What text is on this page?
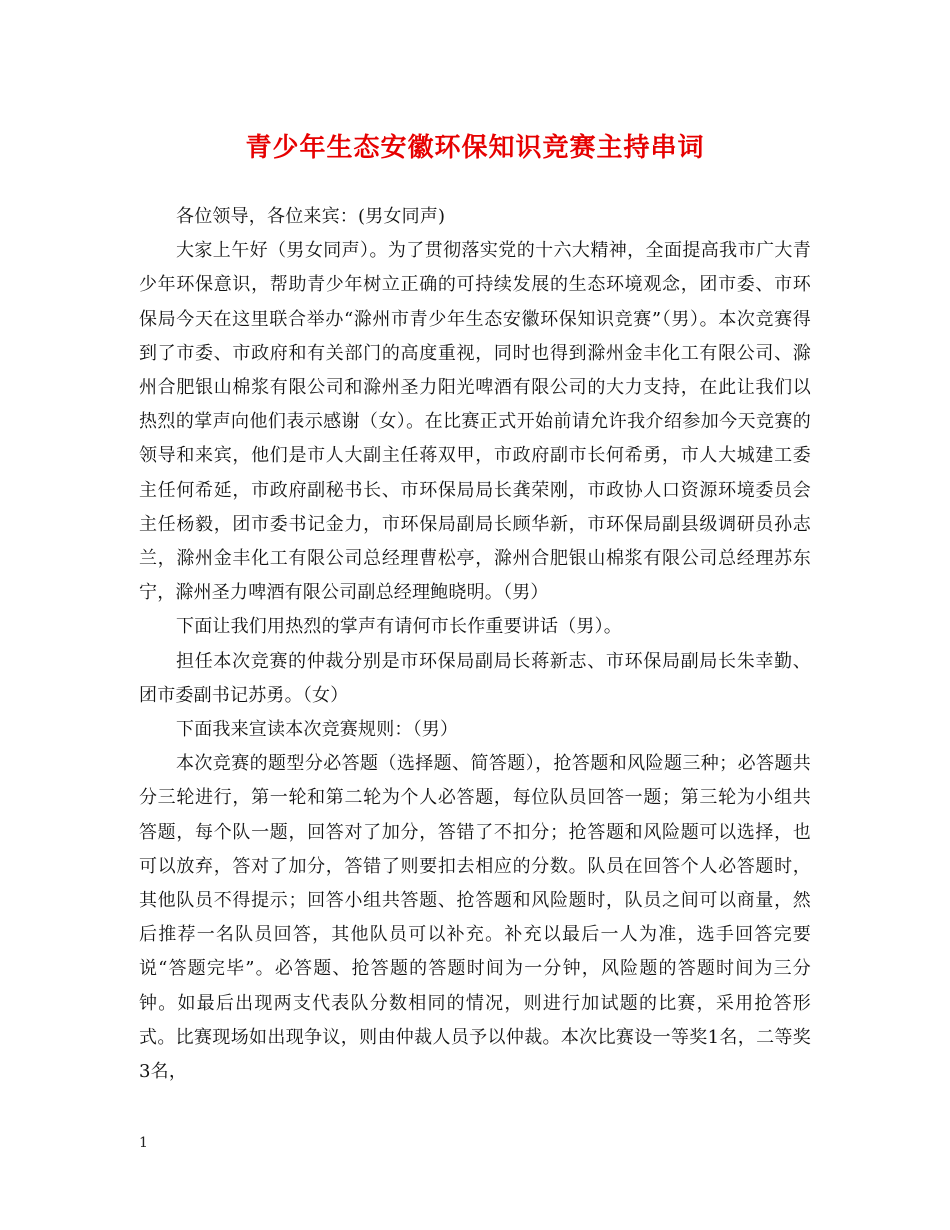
青少年生态安徽环保知识竞赛主持串词

各位领导，各位来宾：(男女同声)

大家上午好（男女同声）。为了贯彻落实党的十六大精神，全面提高我市广大青少年环保意识，帮助青少年树立正确的可持续发展的生态环境观念，团市委、市环保局今天在这里联合举办“滁州市青少年生态安徽环保知识竞赛”（男）。本次竞赛得到了市委、市政府和有关部门的高度重视，同时也得到滁州金丰化工有限公司、滁州合肥银山棉浆有限公司和滁州圣力阳光啤酒有限公司的大力支持，在此让我们以热烈的掌声向他们表示感谢（女）。在比赛正式开始前请允许我介绍参加今天竞赛的领导和来宾，他们是市人大副主任蒋双甲，市政府副市长何希勇，市人大城建工委主任何希延，市政府副秘书长、市环保局局长龚荣刚，市政协人口资源环境委员会主任杨毅，团市委书记金力，市环保局副局长顾华新，市环保局副县级调研员孙志兰，滁州金丰化工有限公司总经理曹松亭，滁州合肥银山棉浆有限公司总经理苏东宁，滁州圣力啤酒有限公司副总经理鲍晓明。（男）

下面让我们用热烈的掌声有请何市长作重要讲话（男）。

担任本次竞赛的仲裁分别是市环保局副局长蒋新志、市环保局副局长朱幸勤、团市委副书记苏勇。（女）

下面我来宣读本次竞赛规则：（男）

本次竞赛的题型分必答题（选择题、简答题），抢答题和风险题三种；必答题共分三轮进行，第一轮和第二轮为个人必答题，每位队员回答一题；第三轮为小组共答题，每个队一题，回答对了加分，答错了不扣分；抢答题和风险题可以选择，也可以放弃，答对了加分，答错了则要扣去相应的分数。队员在回答个人必答题时，其他队员不得提示；回答小组共答题、抢答题和风险题时，队员之间可以商量，然后推荐一名队员回答，其他队员可以补充。补充以最后一人为准，选手回答完要说“答题完毕”。必答题、抢答题的答题时间为一分钟，风险题的答题时间为三分钟。如最后出现两支代表队分数相同的情况，则进行加试题的比赛，采用抢答形式。比赛现场如出现争议，则由仲裁人员予以仲裁。本次比赛设一等奖1名，二等奖3名，

1
